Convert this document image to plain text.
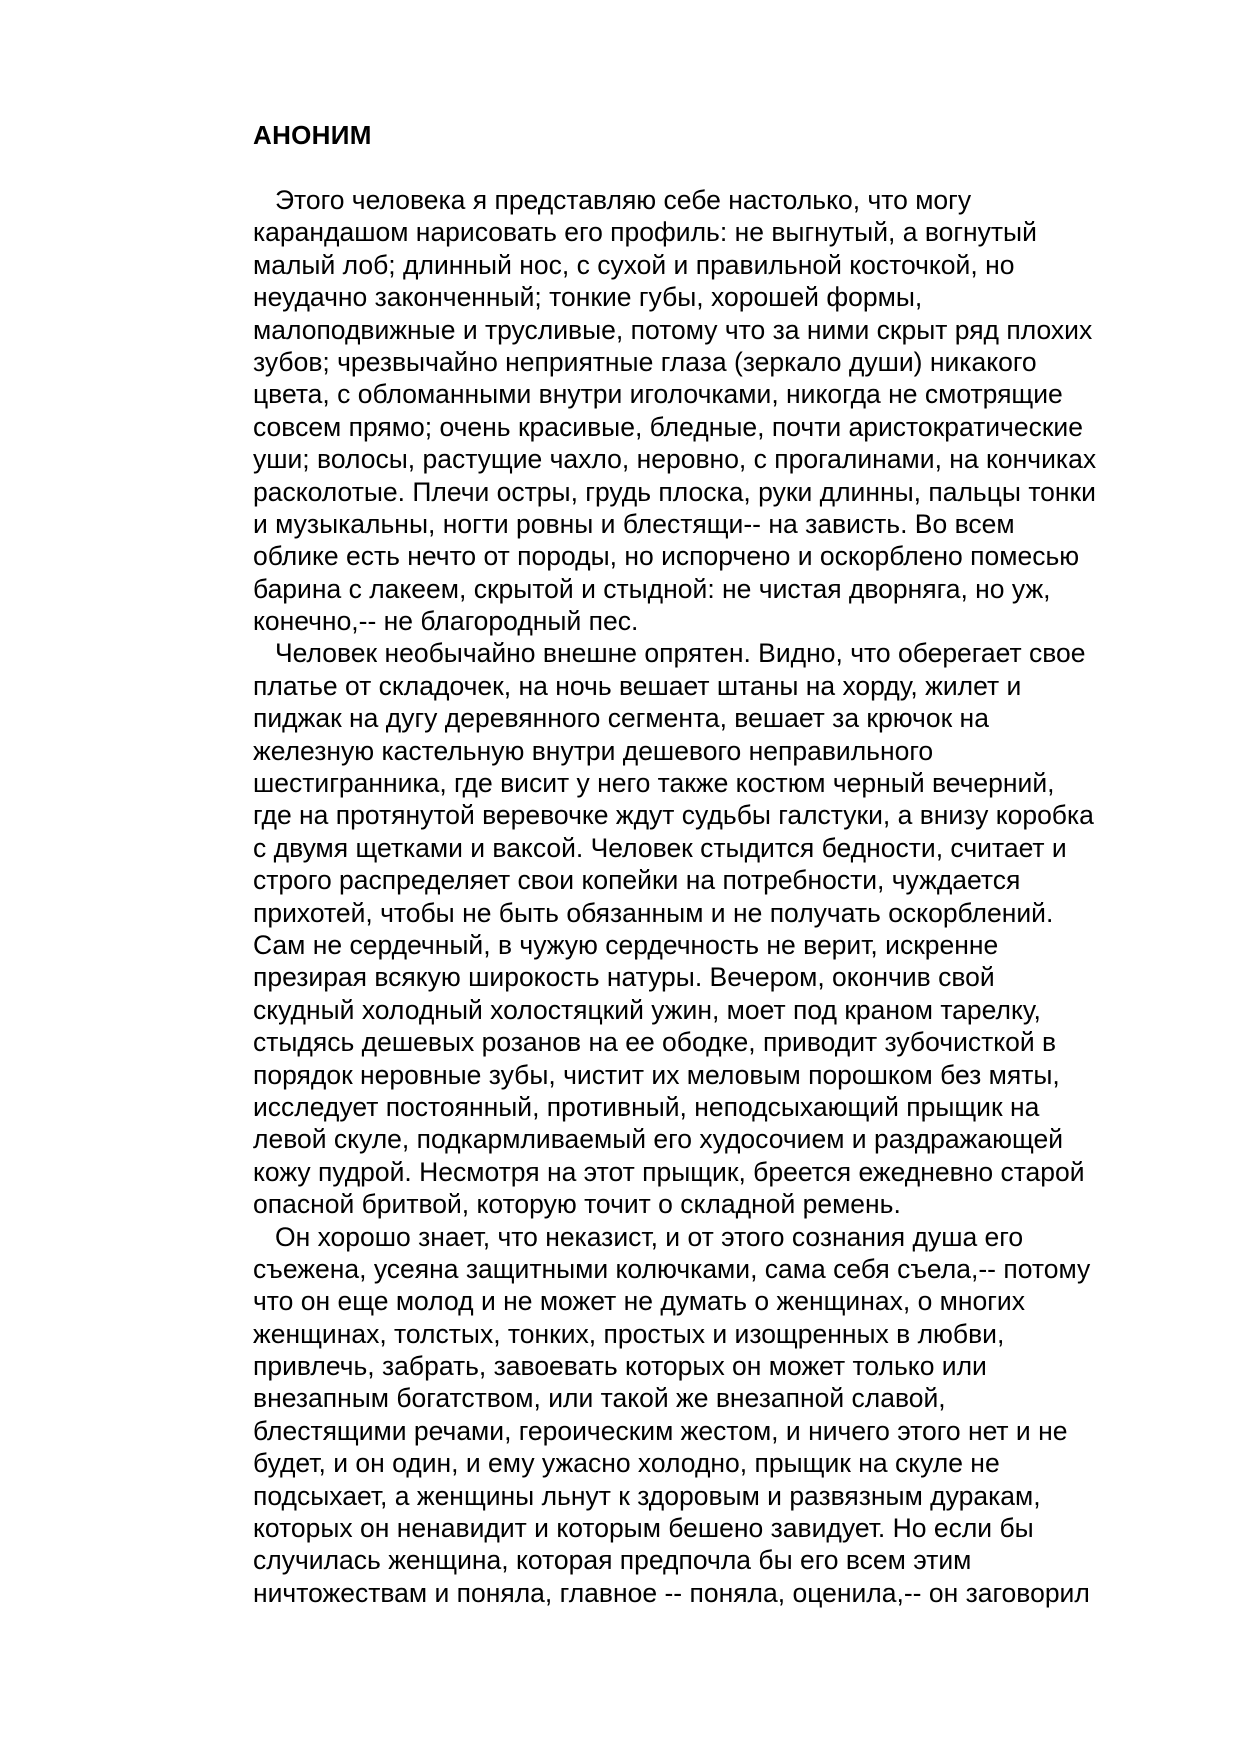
АНОНИМ
Этого человека я представляю себе настолько, что могу
карандашом нарисовать его профиль: не выгнутый, а вогнутый
малый лоб; длинный нос, с сухой и правильной косточкой, но
неудачно законченный; тонкие губы, хорошей формы,
малоподвижные и трусливые, потому что за ними скрыт ряд плохих
зубов; чрезвычайно неприятные глаза (зеркало души) никакого
цвета, с обломанными внутри иголочками, никогда не смотрящие
совсем прямо; очень красивые, бледные, почти аристократические
уши; волосы, растущие чахло, неровно, с прогалинами, на кончиках
расколотые. Плечи остры, грудь плоска, руки длинны, пальцы тонки
и музыкальны, ногти ровны и блестящи-- на зависть. Во всем
облике есть нечто от породы, но испорчено и оскорблено помесью
барина с лакеем, скрытой и стыдной: не чистая дворняга, но уж,
конечно,-- не благородный пес.
Человек необычайно внешне опрятен. Видно, что оберегает свое
платье от складочек, на ночь вешает штаны на хорду, жилет и
пиджак на дугу деревянного сегмента, вешает за крючок на
железную кастельную внутри дешевого неправильного
шестигранника, где висит у него также костюм черный вечерний,
где на протянутой веревочке ждут судьбы галстуки, а внизу коробка
с двумя щетками и ваксой. Человек стыдится бедности, считает и
строго распределяет свои копейки на потребности, чуждается
прихотей, чтобы не быть обязанным и не получать оскорблений.
Сам не сердечный, в чужую сердечность не верит, искренне
презирая всякую широкость натуры. Вечером, окончив свой
скудный холодный холостяцкий ужин, моет под краном тарелку,
стыдясь дешевых розанов на ее ободке, приводит зубочисткой в
порядок неровные зубы, чистит их меловым порошком без мяты,
исследует постоянный, противный, неподсыхающий прыщик на
левой скуле, подкармливаемый его худосочием и раздражающей
кожу пудрой. Несмотря на этот прыщик, бреется ежедневно старой
опасной бритвой, которую точит о складной ремень.
Он хорошо знает, что неказист, и от этого сознания душа его
съежена, усеяна защитными колючками, сама себя съела,-- потому
что он еще молод и не может не думать о женщинах, о многих
женщинах, толстых, тонких, простых и изощренных в любви,
привлечь, забрать, завоевать которых он может только или
внезапным богатством, или такой же внезапной славой,
блестящими речами, героическим жестом, и ничего этого нет и не
будет, и он один, и ему ужасно холодно, прыщик на скуле не
подсыхает, а женщины льнут к здоровым и развязным дуракам,
которых он ненавидит и которым бешено завидует. Но если бы
случилась женщина, которая предпочла бы его всем этим
ничтожествам и поняла, главное -- поняла, оценила,-- он заговорил
